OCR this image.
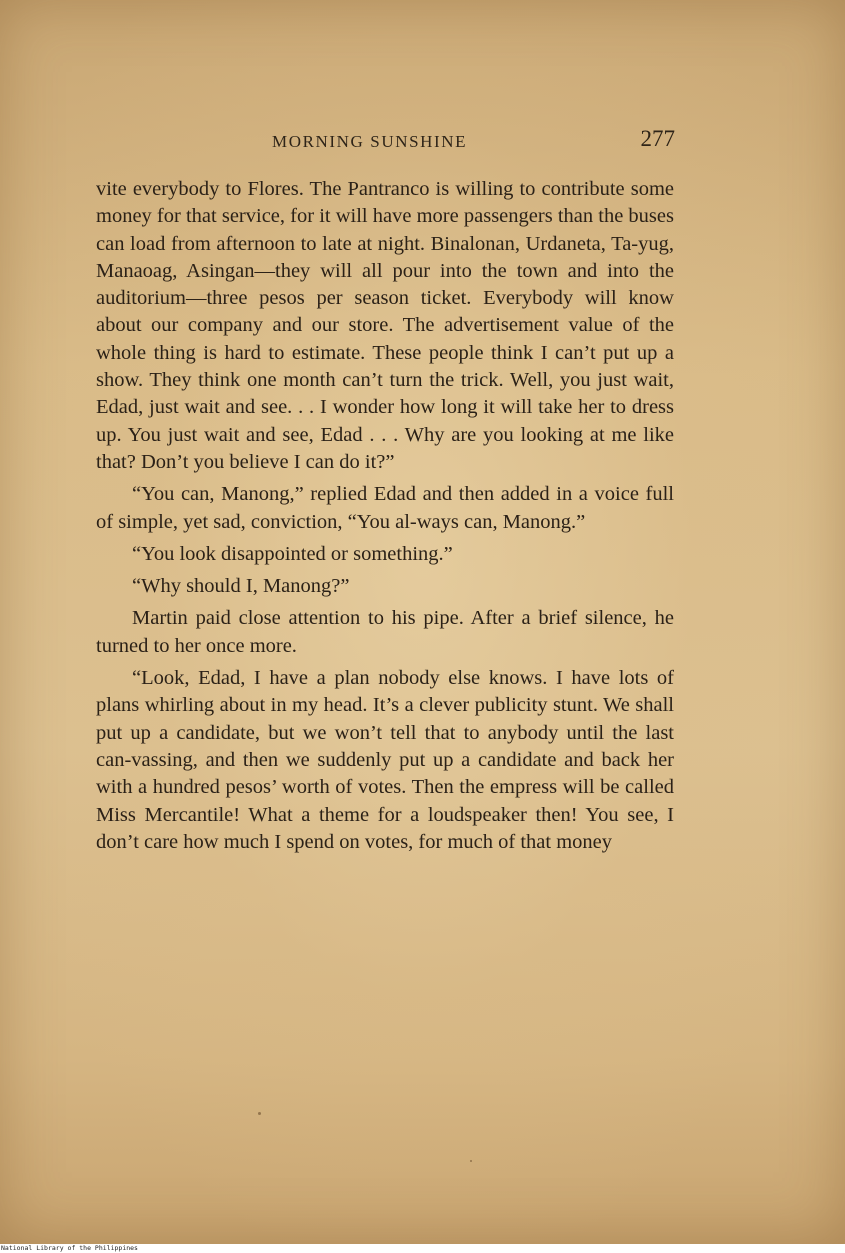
MORNING SUNSHINE	277

vite everybody to Flores. The Pantranco is willing to contribute some money for that service, for it will have more passengers than the buses can load from afternoon to late at night. Binalonan, Urdaneta, Ta-yug, Manaoag, Asingan—they will all pour into the town and into the auditorium—three pesos per season ticket. Everybody will know about our company and our store. The advertisement value of the whole thing is hard to estimate. These people think I can’t put up a show. They think one month can’t turn the trick. Well, you just wait, Edad, just wait and see. . . I wonder how long it will take her to dress up. You just wait and see, Edad . . . Why are you looking at me like that? Don’t you believe I can do it?”

“You can, Manong,” replied Edad and then added in a voice full of simple, yet sad, conviction, “You al-ways can, Manong.”

“You look disappointed or something.”

“Why should I, Manong?”

Martin paid close attention to his pipe. After a brief silence, he turned to her once more.

“Look, Edad, I have a plan nobody else knows. I have lots of plans whirling about in my head. It’s a clever publicity stunt. We shall put up a candidate, but we won’t tell that to anybody until the last can-vassing, and then we suddenly put up a candidate and back her with a hundred pesos’ worth of votes. Then the empress will be called Miss Mercantile! What a theme for a loudspeaker then! You see, I don’t care how much I spend on votes, for much of that money

National Library of the Philippines
